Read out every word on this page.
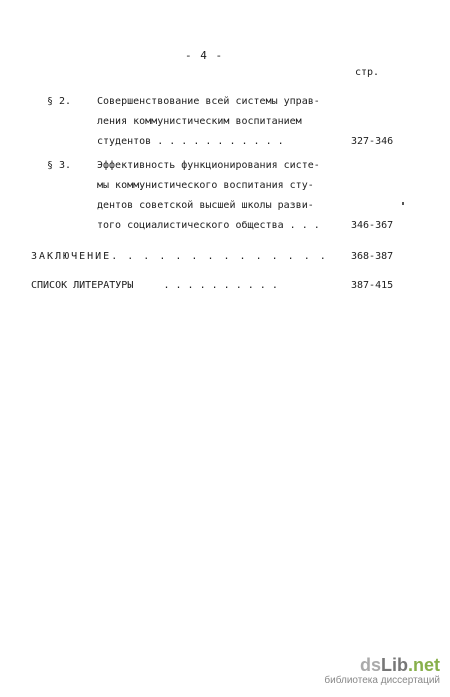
- 4 -
стр.
§ 2.	Совершенствование всей системы управ-
ления коммунистическим воспитанием
студентов . . . . . . . . . . .	327-346
§ 3.	Эффективность функционирования систе-
мы коммунистического воспитания сту-
дентов советской высшей школы разви-
того социалистического общества . . .	346-367
ЗАКЛЮЧЕНИЕ. . . . . . . . . . . . . . 368-387
СПИСОК ЛИТЕРАТУРЫ     . . . . . . . . . .	387-415
dsLib.net
библиотека диссертаций
